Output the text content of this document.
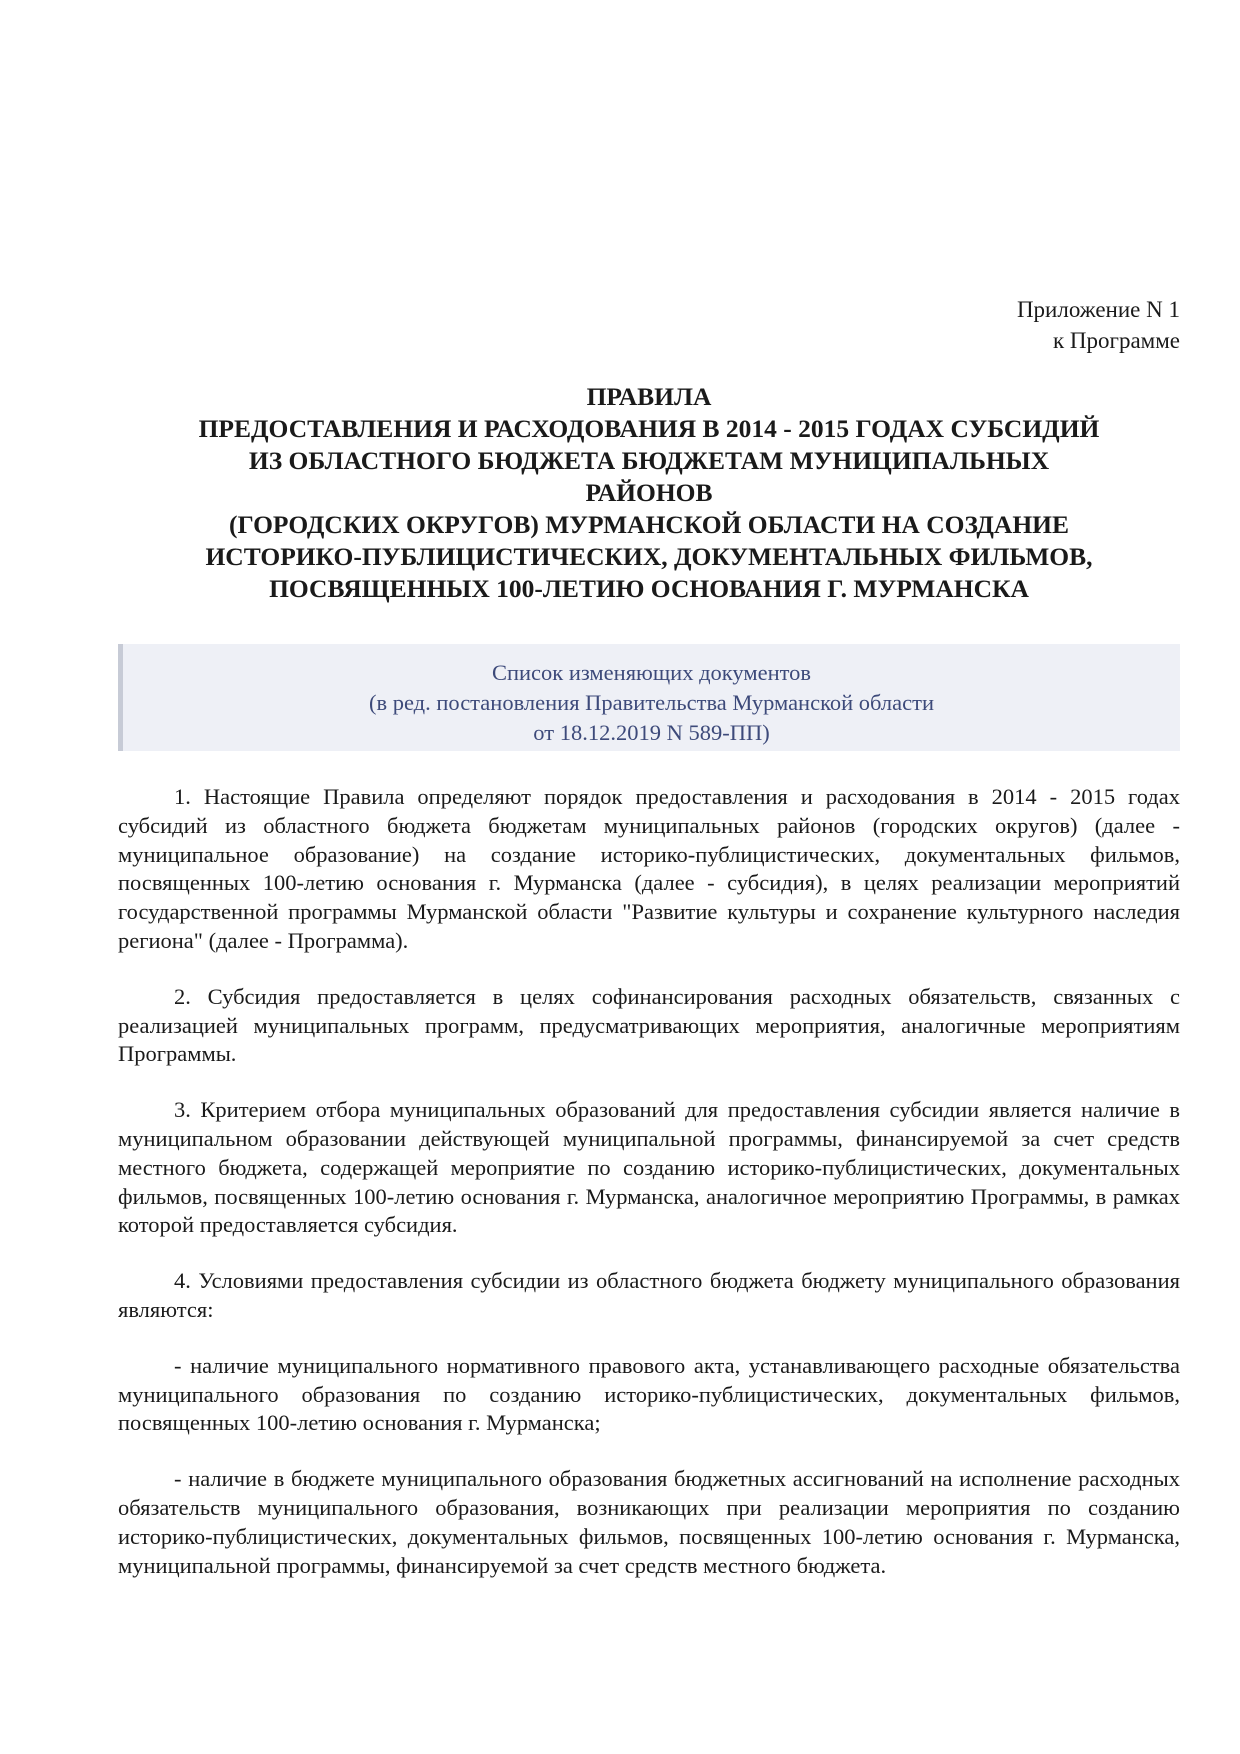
Приложение N 1
к Программе
ПРАВИЛА
ПРЕДОСТАВЛЕНИЯ И РАСХОДОВАНИЯ В 2014 - 2015 ГОДАХ СУБСИДИЙ
ИЗ ОБЛАСТНОГО БЮДЖЕТА БЮДЖЕТАМ МУНИЦИПАЛЬНЫХ
РАЙОНОВ
(ГОРОДСКИХ ОКРУГОВ) МУРМАНСКОЙ ОБЛАСТИ НА СОЗДАНИЕ
ИСТОРИКО-ПУБЛИЦИСТИЧЕСКИХ, ДОКУМЕНТАЛЬНЫХ ФИЛЬМОВ,
ПОСВЯЩЕННЫХ 100-ЛЕТИЮ ОСНОВАНИЯ Г. МУРМАНСКА
Список изменяющих документов
(в ред. постановления Правительства Мурманской области
от 18.12.2019 N 589-ПП)

1. Настоящие Правила определяют порядок предоставления и расходования в 2014 - 2015 годах субсидий из областного бюджета бюджетам муниципальных районов (городских округов) (далее - муниципальное образование) на создание историко-публицистических, документальных фильмов, посвященных 100-летию основания г. Мурманска (далее - субсидия), в целях реализации мероприятий государственной программы Мурманской области "Развитие культуры и сохранение культурного наследия региона" (далее - Программа).

2. Субсидия предоставляется в целях софинансирования расходных обязательств, связанных с реализацией муниципальных программ, предусматривающих мероприятия, аналогичные мероприятиям Программы.

3. Критерием отбора муниципальных образований для предоставления субсидии является наличие в муниципальном образовании действующей муниципальной программы, финансируемой за счет средств местного бюджета, содержащей мероприятие по созданию историко-публицистических, документальных фильмов, посвященных 100-летию основания г. Мурманска, аналогичное мероприятию Программы, в рамках которой предоставляется субсидия.

4. Условиями предоставления субсидии из областного бюджета бюджету муниципального образования являются:

- наличие муниципального нормативного правового акта, устанавливающего расходные обязательства муниципального образования по созданию историко-публицистических, документальных фильмов, посвященных 100-летию основания г. Мурманска;

- наличие в бюджете муниципального образования бюджетных ассигнований на исполнение расходных обязательств муниципального образования, возникающих при реализации мероприятия по созданию историко-публицистических, документальных фильмов, посвященных 100-летию основания г. Мурманска, муниципальной программы, финансируемой за счет средств местного бюджета.
